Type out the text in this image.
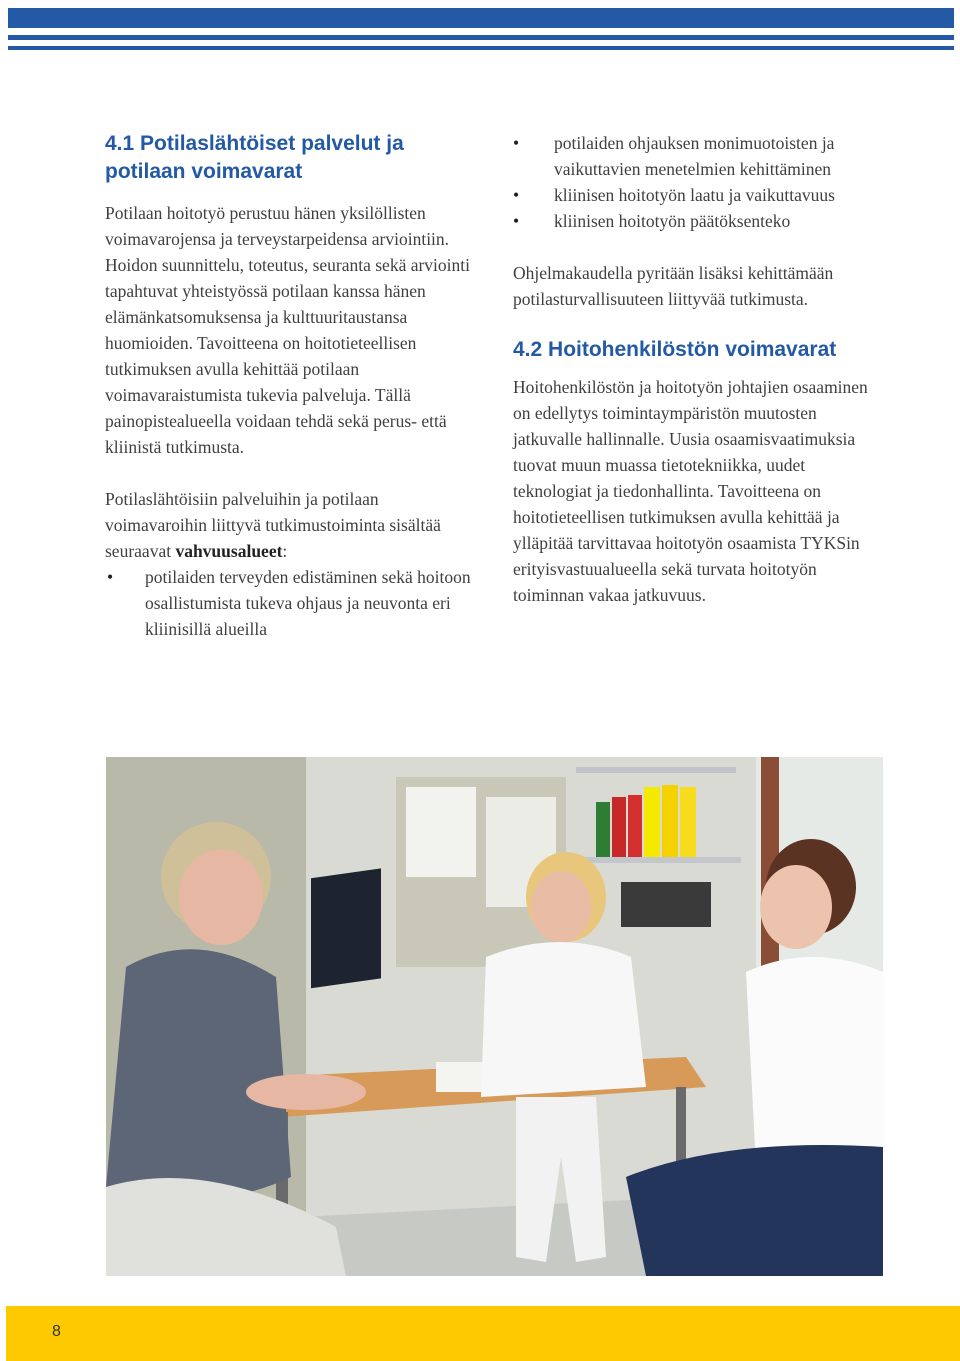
4.1 Potilaslähtöiset palvelut ja potilaan voimavarat

Potilaan hoitotyö perustuu hänen yksilöllisten voimavarojensa ja terveystarpeidensa arviointiin. Hoidon suunnittelu, toteutus, seuranta sekä arviointi tapahtuvat yhteistyössä potilaan kanssa hänen elämänkatsomuksensa ja kulttuuritaustansa huomioiden. Tavoitteena on hoitotieteellisen tutkimuksen avulla kehittää potilaan voimavaraistumista tukevia palveluja. Tällä painopistealueella voidaan tehdä sekä perus- että kliinistä tutkimusta.

Potilaslähtöisiin palveluihin ja potilaan voimavaroihin liittyvä tutkimustoiminta sisältää seuraavat vahvuusalueet:

• potilaiden terveyden edistäminen sekä hoitoon osallistumista tukeva ohjaus ja neuvonta eri kliinisillä alueilla
• potilaiden ohjauksen monimuotoisten ja vaikuttavien menetelmien kehittäminen
• kliinisen hoitotyön laatu ja vaikuttavuus
• kliinisen hoitotyön päätöksenteko

Ohjelmakaudella pyritään lisäksi kehittämään potilasturvallisuuteen liittyvää tutkimusta.

4.2 Hoitohenkilöstön voimavarat

Hoitohenkilöstön ja hoitotyön johtajien osaaminen on edellytys toimintaympäristön muutosten jatkuvalle hallinnalle. Uusia osaamisvaatimuksia tuovat muun muassa tietotekniikka, uudet teknologiat ja tiedonhallinta. Tavoitteena on hoitotieteellisen tutkimuksen avulla kehittää ja ylläpitää tarvittavaa hoitotyön osaamista TYKSin erityisvastuualueella sekä turvata hoitotyön toiminnan vakaa jatkuvuus.

8
